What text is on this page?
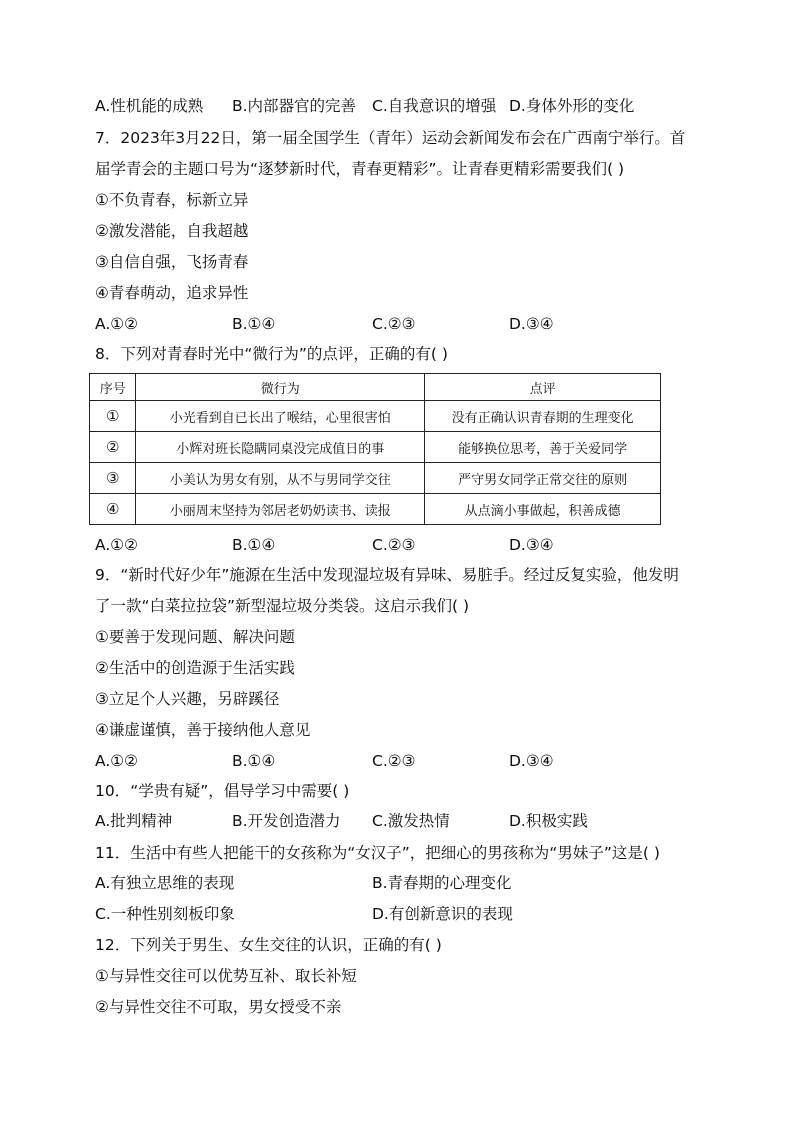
A.性机能的成熟 B.内部器官的完善 C.自我意识的增强 D.身体外形的变化
7．2023年3月22日，第一届全国学生（青年）运动会新闻发布会在广西南宁举行。首
届学青会的主题口号为“逐梦新时代，青春更精彩”。让青春更精彩需要我们( )
①不负青春，标新立异
②激发潜能，自我超越
③自信自强，飞扬青春
④青春萌动，追求异性
A.①②	B.①④	C.②③	D.③④
8．下列对青春时光中“微行为”的点评，正确的有( )
序号	微行为	点评
①	小光看到自已长出了喉结，心里很害怕	没有正确认识青春期的生理变化
②	小辉对班长隐瞒同桌没完成值日的事	能够换位思考，善于关爱同学
③	小美认为男女有别，从不与男同学交往	严守男女同学正常交往的原则
④	小丽周末坚持为邻居老奶奶读书、读报	从点滴小事做起，积善成德
A.①②	B.①④	C.②③	D.③④
9．“新时代好少年”施源在生活中发现湿垃圾有异味、易脏手。经过反复实验，他发明
了一款“白菜拉拉袋”新型湿垃圾分类袋。这启示我们( )
①要善于发现问题、解决问题
②生活中的创造源于生活实践
③立足个人兴趣，另辟蹊径
④谦虚谨慎，善于接纳他人意见
A.①②	B.①④	C.②③	D.③④
10．“学贵有疑”，倡导学习中需要( )
A.批判精神	B.开发创造潜力 C.激发热情	D.积极实践
11．生活中有些人把能干的女孩称为“女汉子”，把细心的男孩称为“男妹子”这是( )
A.有独立思维的表现	B.青春期的心理变化
C.一种性别刻板印象	D.有创新意识的表现
12．下列关于男生、女生交往的认识，正确的有( )
①与异性交往可以优势互补、取长补短
②与异性交往不可取，男女授受不亲
